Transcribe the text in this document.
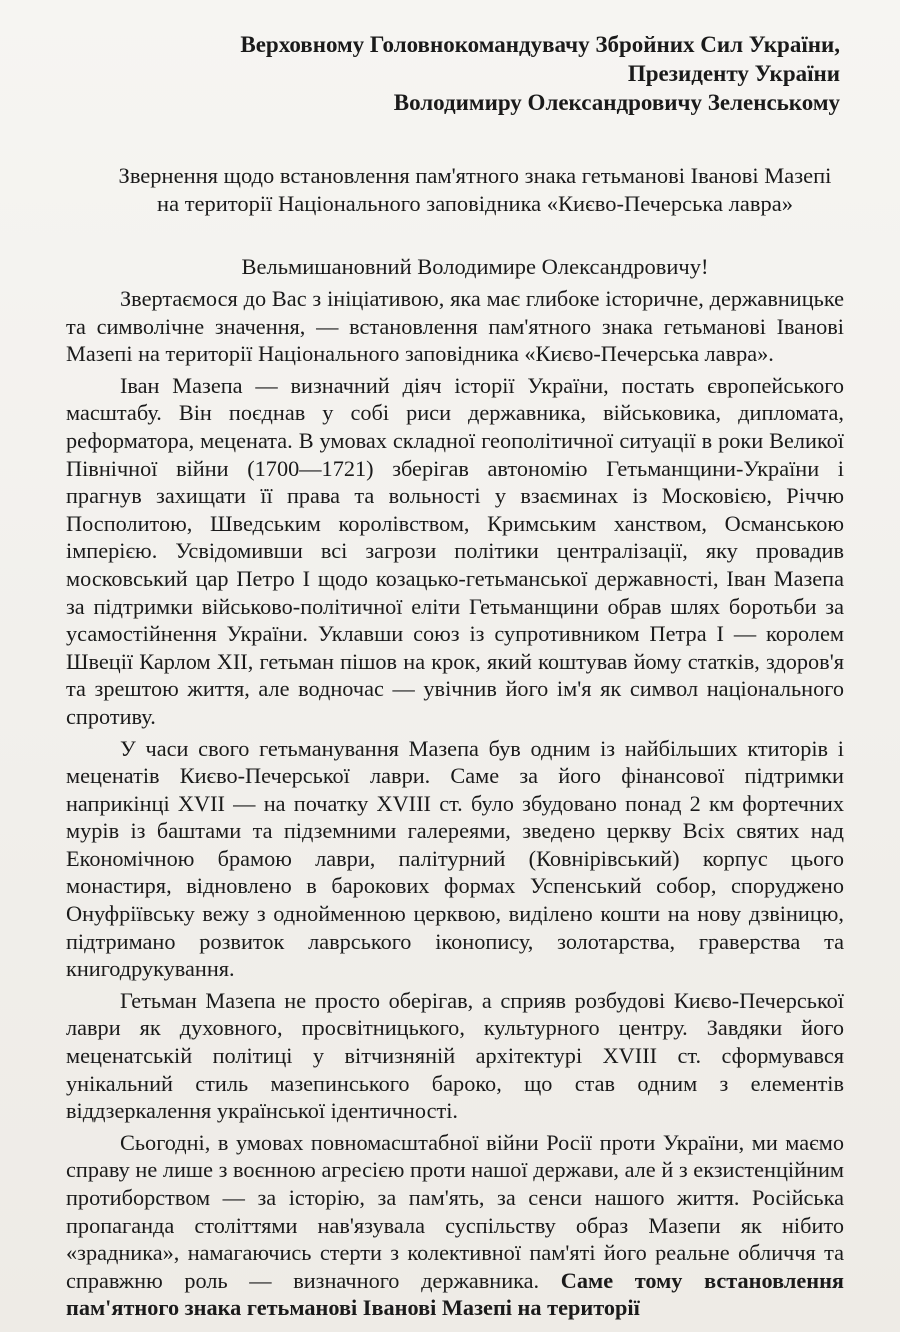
Верховному Головнокомандувачу Збройних Сил України,
Президенту України
Володимиру Олександровичу Зеленському
Звернення щодо встановлення пам'ятного знака гетьманові Іванові Мазепі
на території Національного заповідника «Києво-Печерська лавра»
Вельмишановний Володимире Олександровичу!

Звертаємося до Вас з ініціативою, яка має глибоке історичне, державницьке та символічне значення, — встановлення пам'ятного знака гетьманові Іванові Мазепі на території Національного заповідника «Києво-Печерська лавра».

Іван Мазепа — визначний діяч історії України, постать європейського масштабу. Він поєднав у собі риси державника, військовика, дипломата, реформатора, мецената. В умовах складної геополітичної ситуації в роки Великої Північної війни (1700—1721) зберігав автономію Гетьманщини-України і прагнув захищати її права та вольності у взаєминах із Московією, Річчю Посполитою, Шведським королівством, Кримським ханством, Османською імперією. Усвідомивши всі загрози політики централізації, яку провадив московський цар Петро І щодо козацько-гетьманської державності, Іван Мазепа за підтримки військово-політичної еліти Гетьманщини обрав шлях боротьби за усамостійнення України. Уклавши союз із супротивником Петра І — королем Швеції Карлом ХІІ, гетьман пішов на крок, який коштував йому статків, здоров'я та зрештою життя, але водночас — увічнив його ім'я як символ національного спротиву.

У часи свого гетьманування Мазепа був одним із найбільших ктиторів і меценатів Києво-Печерської лаври. Саме за його фінансової підтримки наприкінці XVII — на початку XVIII ст. було збудовано понад 2 км фортечних мурів із баштами та підземними галереями, зведено церкву Всіх святих над Економічною брамою лаври, палітурний (Ковнірівський) корпус цього монастиря, відновлено в барокових формах Успенський собор, споруджено Онуфріївську вежу з однойменною церквою, виділено кошти на нову дзвіницю, підтримано розвиток лаврського іконопису, золотарства, граверства та книгодрукування.

Гетьман Мазепа не просто оберігав, а сприяв розбудові Києво-Печерської лаври як духовного, просвітницького, культурного центру. Завдяки його меценатській політиці у вітчизняній архітектурі XVIII ст. сформувався унікальний стиль мазепинського бароко, що став одним з елементів віддзеркалення української ідентичності.

Сьогодні, в умовах повномасштабної війни Росії проти України, ми маємо справу не лише з воєнною агресією проти нашої держави, але й з екзистенційним протиборством — за історію, за пам'ять, за сенси нашого життя. Російська пропаганда століттями нав'язувала суспільству образ Мазепи як нібито «зрадника», намагаючись стерти з колективної пам'яті його реальне обличчя та справжню роль — визначного державника. Саме тому встановлення пам'ятного знака гетьманові Іванові Мазепі на території
